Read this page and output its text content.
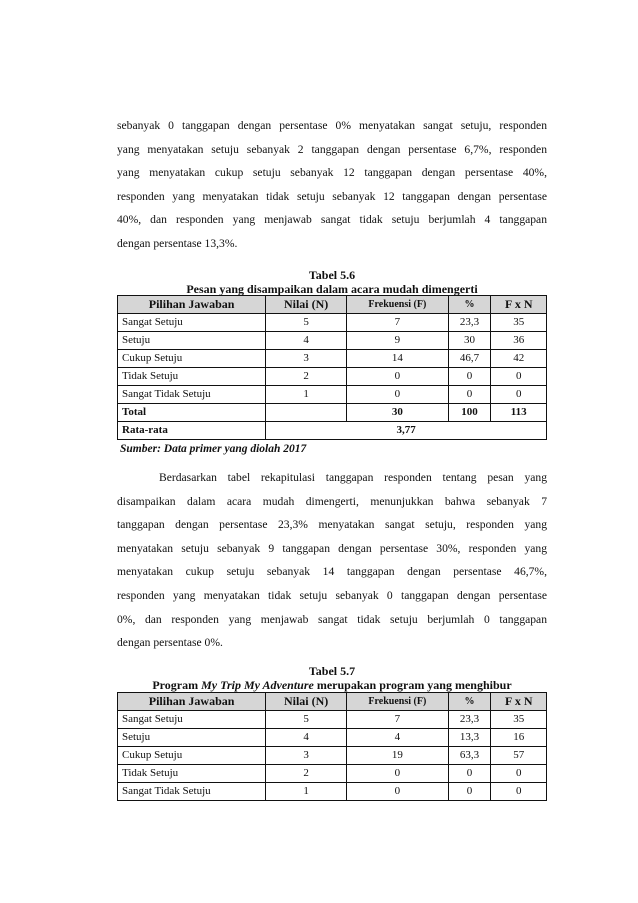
sebanyak 0 tanggapan dengan persentase 0% menyatakan sangat setuju, responden
yang menyatakan setuju sebanyak 2 tanggapan dengan persentase 6,7%, responden
yang menyatakan cukup setuju sebanyak 12 tanggapan dengan persentase 40%,
responden yang menyatakan tidak setuju sebanyak 12 tanggapan dengan persentase
40%, dan responden yang menjawab sangat tidak setuju berjumlah 4 tanggapan
dengan persentase 13,3%.
Tabel 5.6
Pesan yang disampaikan dalam acara mudah dimengerti
Pilihan Jawaban	Nilai (N)	Frekuensi (F)	%	F x N
Sangat Setuju	5	7	23,3	35
Setuju	4	9	30	36
Cukup Setuju	3	14	46,7	42
Tidak Setuju	2	0	0	0
Sangat Tidak Setuju	1	0	0	0
Total		30	100	113
Rata-rata	3,77			
Sumber: Data primer yang diolah 2017
Berdasarkan tabel rekapitulasi tanggapan responden tentang pesan yang
disampaikan dalam acara mudah dimengerti, menunjukkan bahwa sebanyak 7
tanggapan dengan persentase 23,3% menyatakan sangat setuju, responden yang
menyatakan setuju sebanyak 9 tanggapan dengan persentase 30%, responden yang
menyatakan cukup setuju sebanyak 14 tanggapan dengan persentase 46,7%,
responden yang menyatakan tidak setuju sebanyak 0 tanggapan dengan persentase
0%, dan responden yang menjawab sangat tidak setuju berjumlah 0 tanggapan
dengan persentase 0%.
Tabel 5.7
Program My Trip My Adventure merupakan program yang menghibur
Pilihan Jawaban	Nilai (N)	Frekuensi (F)	%	F x N
Sangat Setuju	5	7	23,3	35
Setuju	4	4	13,3	16
Cukup Setuju	3	19	63,3	57
Tidak Setuju	2	0	0	0
Sangat Tidak Setuju	1	0	0	0
